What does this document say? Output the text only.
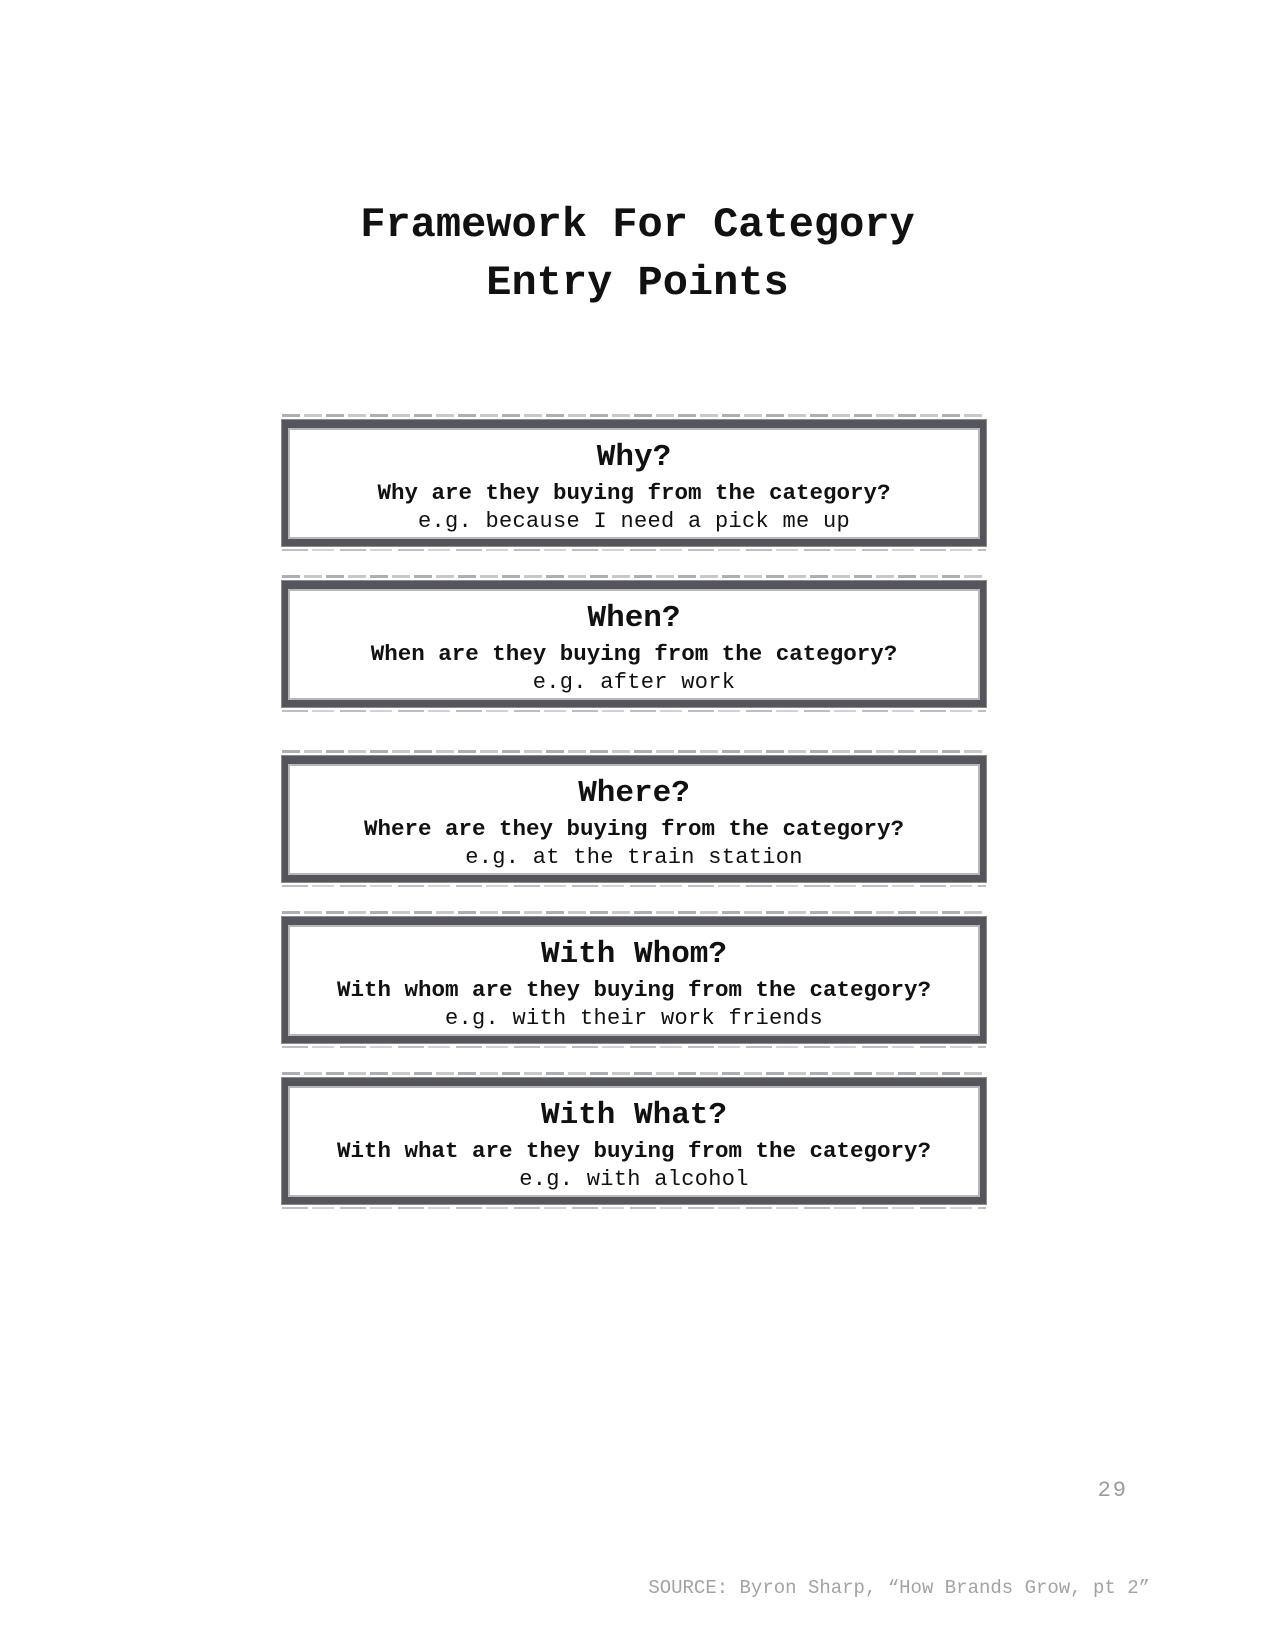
Framework For Category
Entry Points
Why?
Why are they buying from the category?
e.g. because I need a pick me up
When?
When are they buying from the category?
e.g. after work
Where?
Where are they buying from the category?
e.g. at the train station
With Whom?
With whom are they buying from the category?
e.g. with their work friends
With What?
With what are they buying from the category?
e.g. with alcohol
29
SOURCE: Byron Sharp, “How Brands Grow, pt 2”
